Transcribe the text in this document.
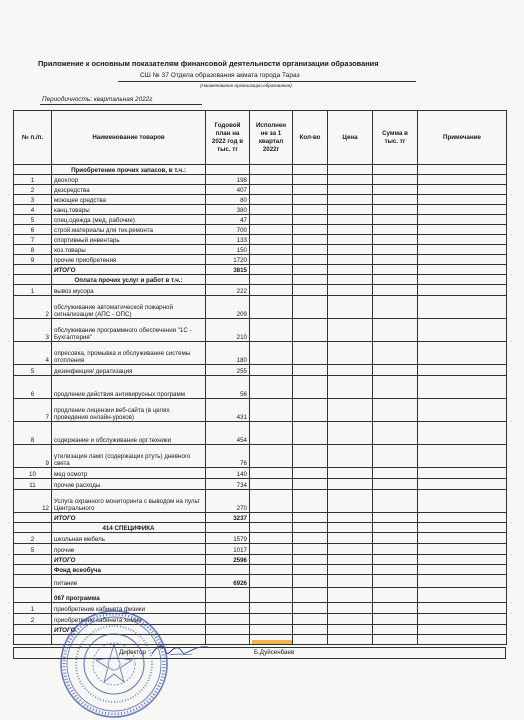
Приложение к основным показателям финансовой деятельности организации образования
СШ № 37 Отдела образования акмата города Тараз
(Наименование организации образования)
Периодичность: квартальная 2022г
№ п./п.	Наименование товаров	Годовой план на 2022 год в тыс. тг	Исполнен не за 1 квартал 2022г	Кол-во	Цена	Сумма в тыс. тг	Примечание
	Приобретение прочих запасов, в т.ч.:						
1	деохлор	198					
2	дезсредства	407					
3	моющее средства	80					
4	канц.товары	380					
5	спец.одежда (мед, рабочие)	47					
6	строй.материалы для тек.ремонта	700					
7	спортивный инвентарь	133					
8	хоз.товары	150					
9	прочие приобретения	1720					
	ИТОГО	3815					
	Оплата прочих услуг и работ в т.ч.:						
1	вывоз мусора	222					
2	обслуживание автоматической пожарной сигнализации (АПС - ОПС)	209					
3	обслуживание программного обеспечения "1С - Бухгалтерия"	210					
4	опресовка, промывка и обслуживание системы отопления	180					
5	дезинфекция/ дератизация	255					
6	продление действия антивирусных программ	56					
7	продление лицензии веб-сайта (в целях проведения онлайн-уроков)	431					
8	содержание и обслуживание орг.техники	454					
9	утилизация ламп (содержащих ртуть) дневного света	76					
10	мед осмотр	140					
11	прочие расходы	734					
12	Услуга охранного мониторинга с выводом на пульт Центрального	270					
	ИТОГО	3237					
	414 СПЕЦИФИКА						
2	школьная мебель	1579					
5	прочие	1017					
	ИТОГО	2596					
	Фонд всеобуча						
	питание	6926					
	067 программа						
1	приобретение кабинета физики						
2	приобретение кабинета химии						
	ИТОГО						

Директор	Б.Дуйсенбаев
